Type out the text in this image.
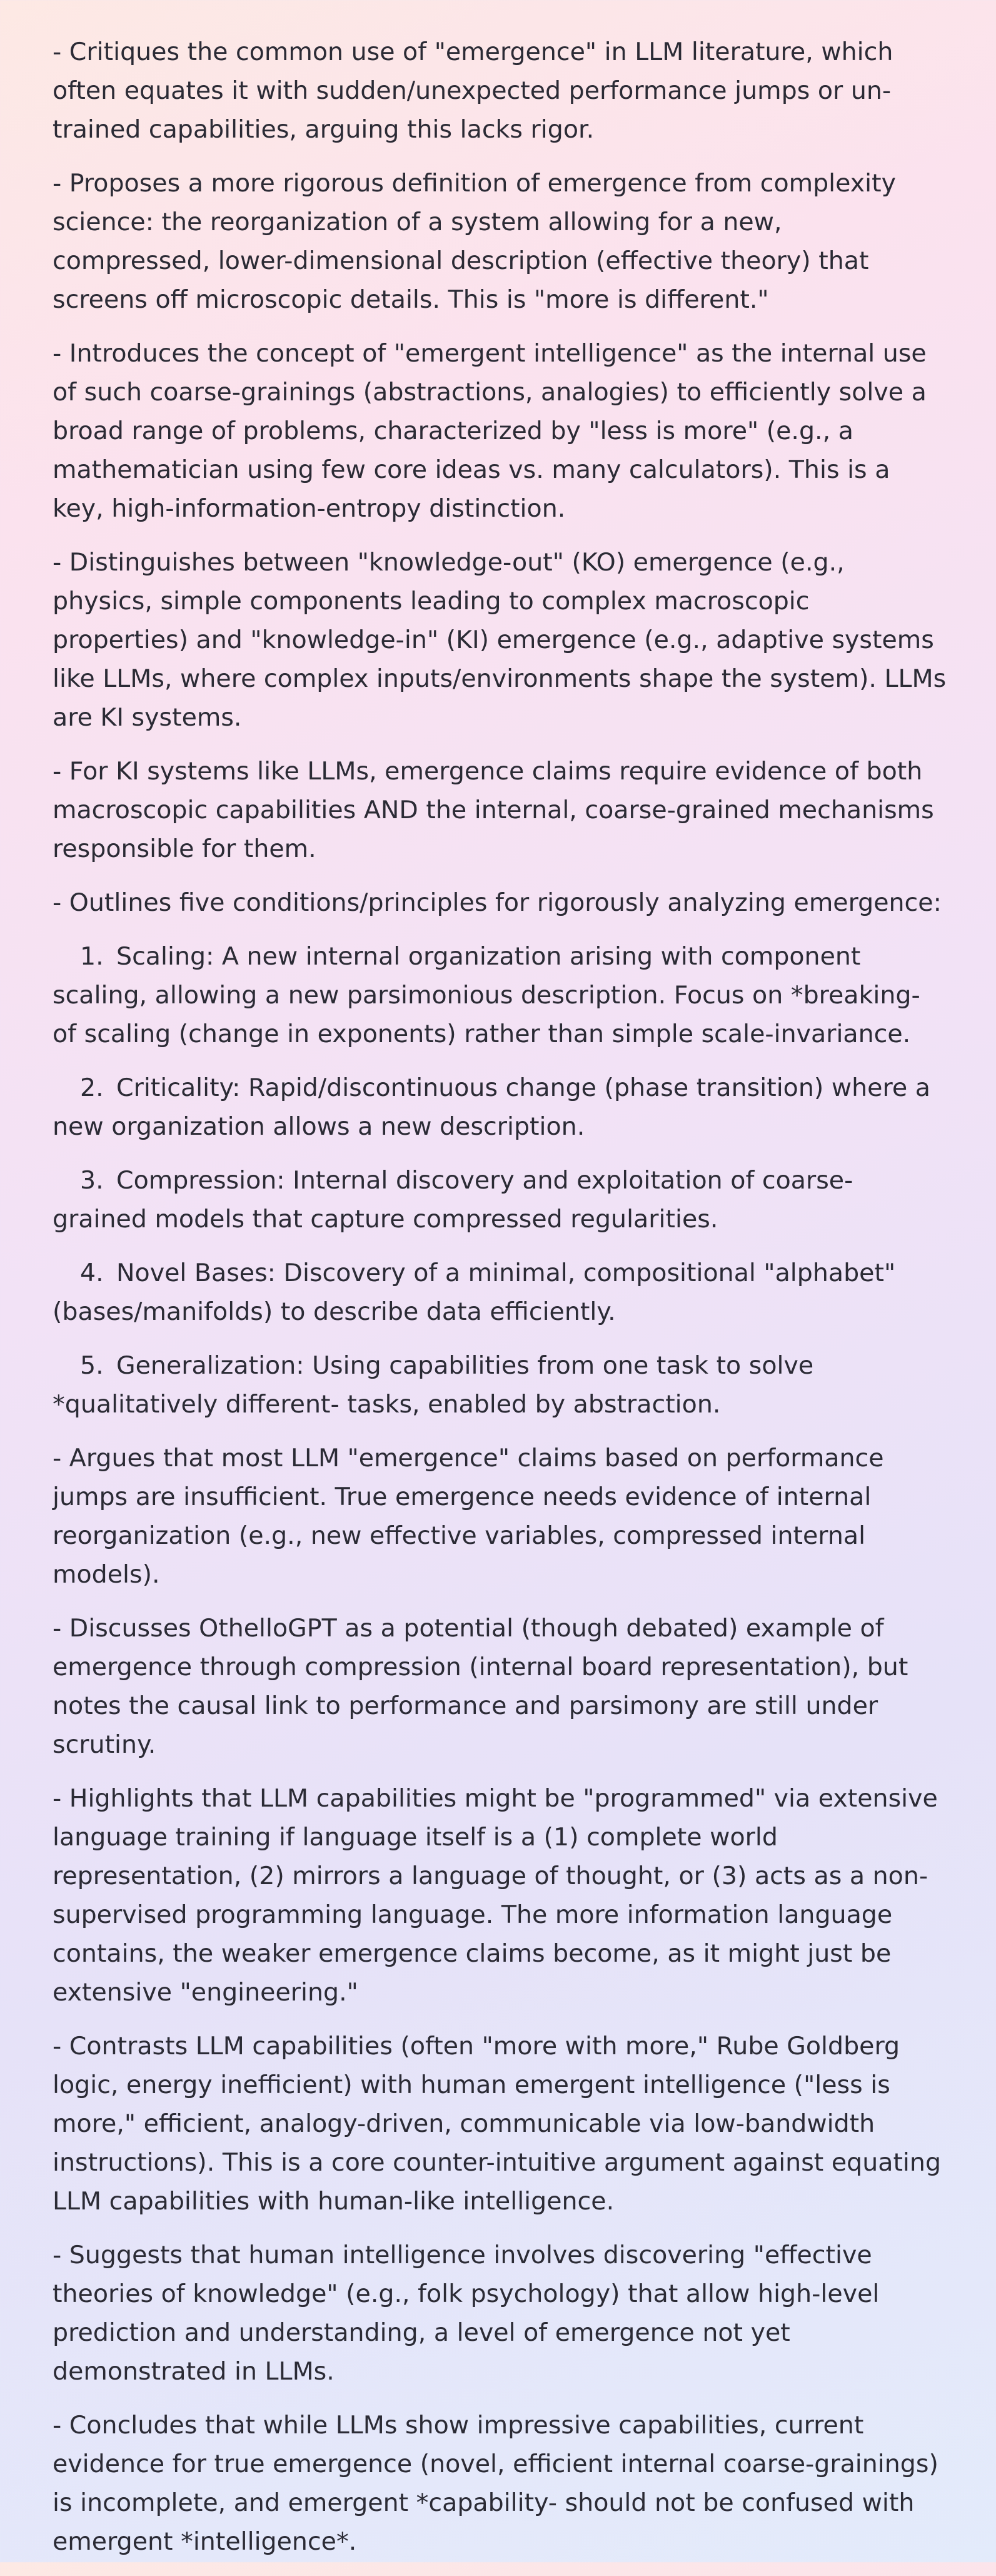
- Critiques the common use of "emergence" in LLM literature, which often equates it with sudden/unexpected performance jumps or un-trained capabilities, arguing this lacks rigor.

- Proposes a more rigorous definition of emergence from complexity science: the reorganization of a system allowing for a new, compressed, lower-dimensional description (effective theory) that screens off microscopic details. This is "more is different."

- Introduces the concept of "emergent intelligence" as the internal use of such coarse-grainings (abstractions, analogies) to efficiently solve a broad range of problems, characterized by "less is more" (e.g., a mathematician using few core ideas vs. many calculators). This is a key, high-information-entropy distinction.

- Distinguishes between "knowledge-out" (KO) emergence (e.g., physics, simple components leading to complex macroscopic properties) and "knowledge-in" (KI) emergence (e.g., adaptive systems like LLMs, where complex inputs/environments shape the system). LLMs are KI systems.

- For KI systems like LLMs, emergence claims require evidence of both macroscopic capabilities AND the internal, coarse-grained mechanisms responsible for them.

- Outlines five conditions/principles for rigorously analyzing emergence:

1. Scaling: A new internal organization arising with component scaling, allowing a new parsimonious description. Focus on *breaking- of scaling (change in exponents) rather than simple scale-invariance.

2. Criticality: Rapid/discontinuous change (phase transition) where a new organization allows a new description.

3. Compression: Internal discovery and exploitation of coarse-grained models that capture compressed regularities.

4. Novel Bases: Discovery of a minimal, compositional "alphabet" (bases/manifolds) to describe data efficiently.

5. Generalization: Using capabilities from one task to solve *qualitatively different- tasks, enabled by abstraction.

- Argues that most LLM "emergence" claims based on performance jumps are insufficient. True emergence needs evidence of internal reorganization (e.g., new effective variables, compressed internal models).

- Discusses OthelloGPT as a potential (though debated) example of emergence through compression (internal board representation), but notes the causal link to performance and parsimony are still under scrutiny.

- Highlights that LLM capabilities might be "programmed" via extensive language training if language itself is a (1) complete world representation, (2) mirrors a language of thought, or (3) acts as a non-supervised programming language. The more information language contains, the weaker emergence claims become, as it might just be extensive "engineering."

- Contrasts LLM capabilities (often "more with more," Rube Goldberg logic, energy inefficient) with human emergent intelligence ("less is more," efficient, analogy-driven, communicable via low-bandwidth instructions). This is a core counter-intuitive argument against equating LLM capabilities with human-like intelligence.

- Suggests that human intelligence involves discovering "effective theories of knowledge" (e.g., folk psychology) that allow high-level prediction and understanding, a level of emergence not yet demonstrated in LLMs.

- Concludes that while LLMs show impressive capabilities, current evidence for true emergence (novel, efficient internal coarse-grainings) is incomplete, and emergent *capability- should not be confused with emergent *intelligence*.
